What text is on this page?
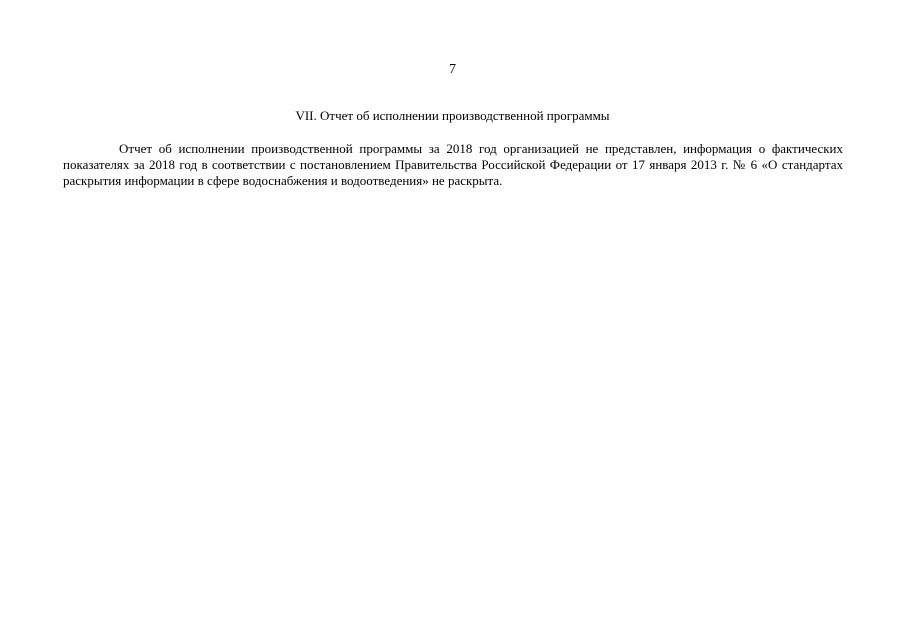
7
VII. Отчет об исполнении производственной программы

Отчет об исполнении производственной программы за 2018 год организацией не представлен, информация о фактических показателях за 2018 год в соответствии с постановлением Правительства Российской Федерации от 17 января 2013 г. № 6 «О стандартах раскрытия информации в сфере водоснабжения и водоотведения» не раскрыта.
